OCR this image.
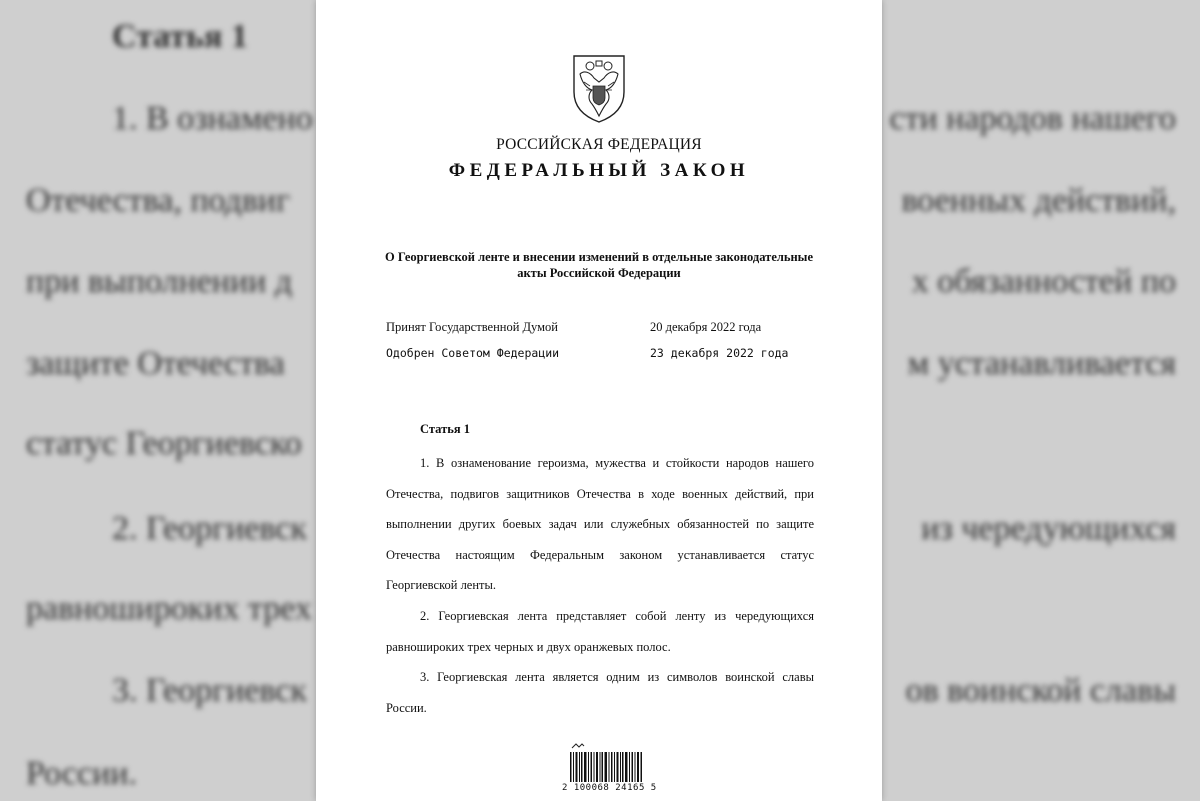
Статья 1
1. В ознамено
Отечества, подвиг
при выполнении д
защите Отечества
статус Георгиевско
2. Георгиевск
равноширокиx трех
3. Георгиевск
России.
сти народов нашего
военных действий,
x обязанностей по
м устанавливается
из чередующихся
ов воинской славы
РОССИЙСКАЯ ФЕДЕРАЦИЯ
ФЕДЕРАЛЬНЫЙ ЗАКОН
О Георгиевской ленте и внесении изменений в отдельные законодательные акты Российской Федерации
Принят Государственной Думой	20 декабря 2022 года
Одобрен Советом Федерации	23 декабря 2022 года
Статья 1

1. В ознаменование героизма, мужества и стойкости народов нашего Отечества, подвигов защитников Отечества в ходе военных действий, при выполнении других боевых задач или служебных обязанностей по защите Отечества настоящим Федеральным законом устанавливается статус Георгиевской ленты.

2. Георгиевская лента представляет собой ленту из чередующихся равноширокиx трех черных и двух оранжевых полос.

3. Георгиевская лента является одним из символов воинской славы России.

2 100068 24165 5
